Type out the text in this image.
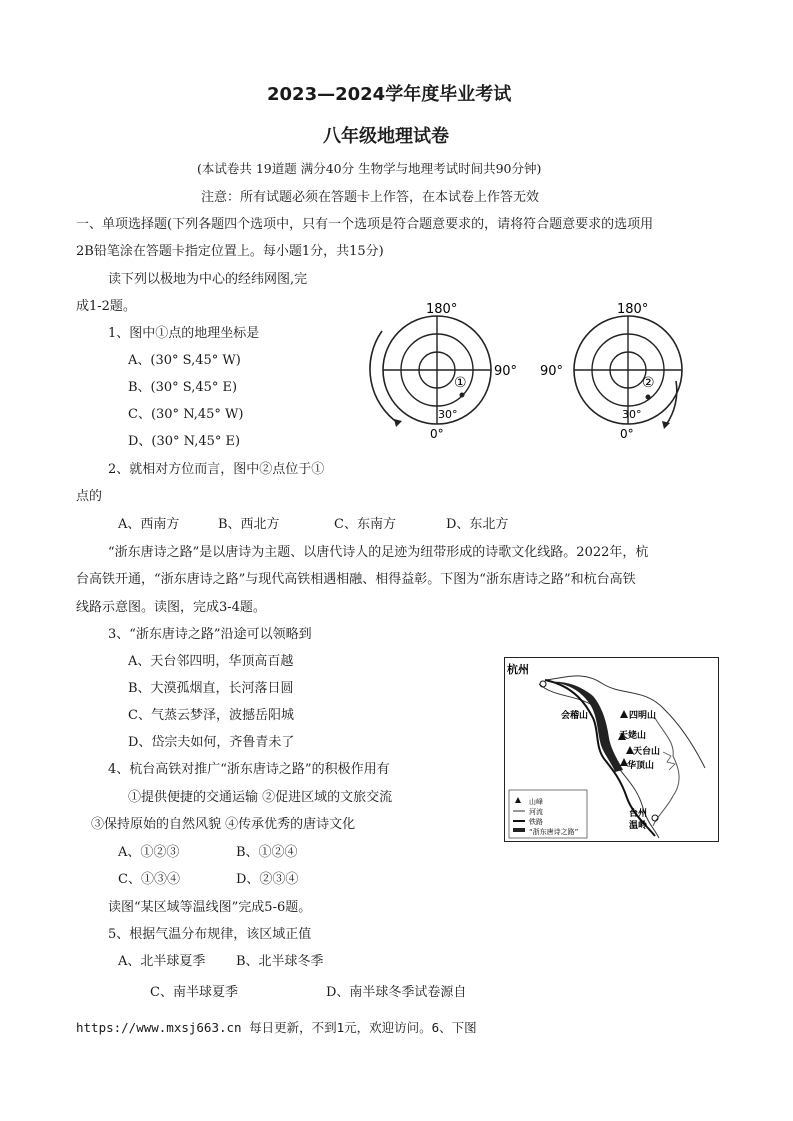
2023—2024学年度毕业考试
八年级地理试卷
(本试卷共 19道题 满分40分 生物学与地理考试时间共90分钟)
注意：所有试题必须在答题卡上作答，在本试卷上作答无效
一、单项选择题(下列各题四个选项中，只有一个选项是符合题意要求的，请将符合题意要求的选项用
2B铅笔涂在答题卡指定位置上。每小题1分，共15分)
读下列以极地为中心的经纬网图,完
成1-2题。
1、图中①点的地理坐标是
A、(30° S,45° W)
B、(30° S,45° E)
C、(30° N,45° W)
D、(30° N,45° E)
2、就相对方位而言，图中②点位于①
点的
A、西南方	B、西北方	C、东南方	D、东北方
180°
90°
0°
30°
①
180°
90°
0°
30°
②
“浙东唐诗之路”是以唐诗为主题、以唐代诗人的足迹为纽带形成的诗歌文化线路。2022年，杭
台高铁开通，“浙东唐诗之路”与现代高铁相遇相融、相得益彰。下图为“浙东唐诗之路”和杭台高铁
线路示意图。读图，完成3-4题。
3、“浙东唐诗之路”沿途可以领略到
A、天台邻四明，华顶高百越
B、大漠孤烟直，长河落日圆
C、气蒸云梦泽，波撼岳阳城
D、岱宗夫如何，齐鲁青未了
4、杭台高铁对推广“浙东唐诗之路”的积极作用有
①提供便捷的交通运输 ②促进区域的文旅交流
③保持原始的自然风貌 ④传承优秀的唐诗文化
A、①②③	B、①②④
C、①③④	D、②③④
杭州
会稽山	四明山
天姥山
天台山
华顶山
台州
温岭
山峰
河流
铁路
“浙东唐诗之路”
读图“某区域等温线图”完成5-6题。
5、根据气温分布规律，该区域正值
A、北半球夏季 B、北半球冬季
C、南半球夏季	D、南半球冬季试卷源自
https://www.mxsj663.cn 每日更新，不到1元，欢迎访问。6、下图
